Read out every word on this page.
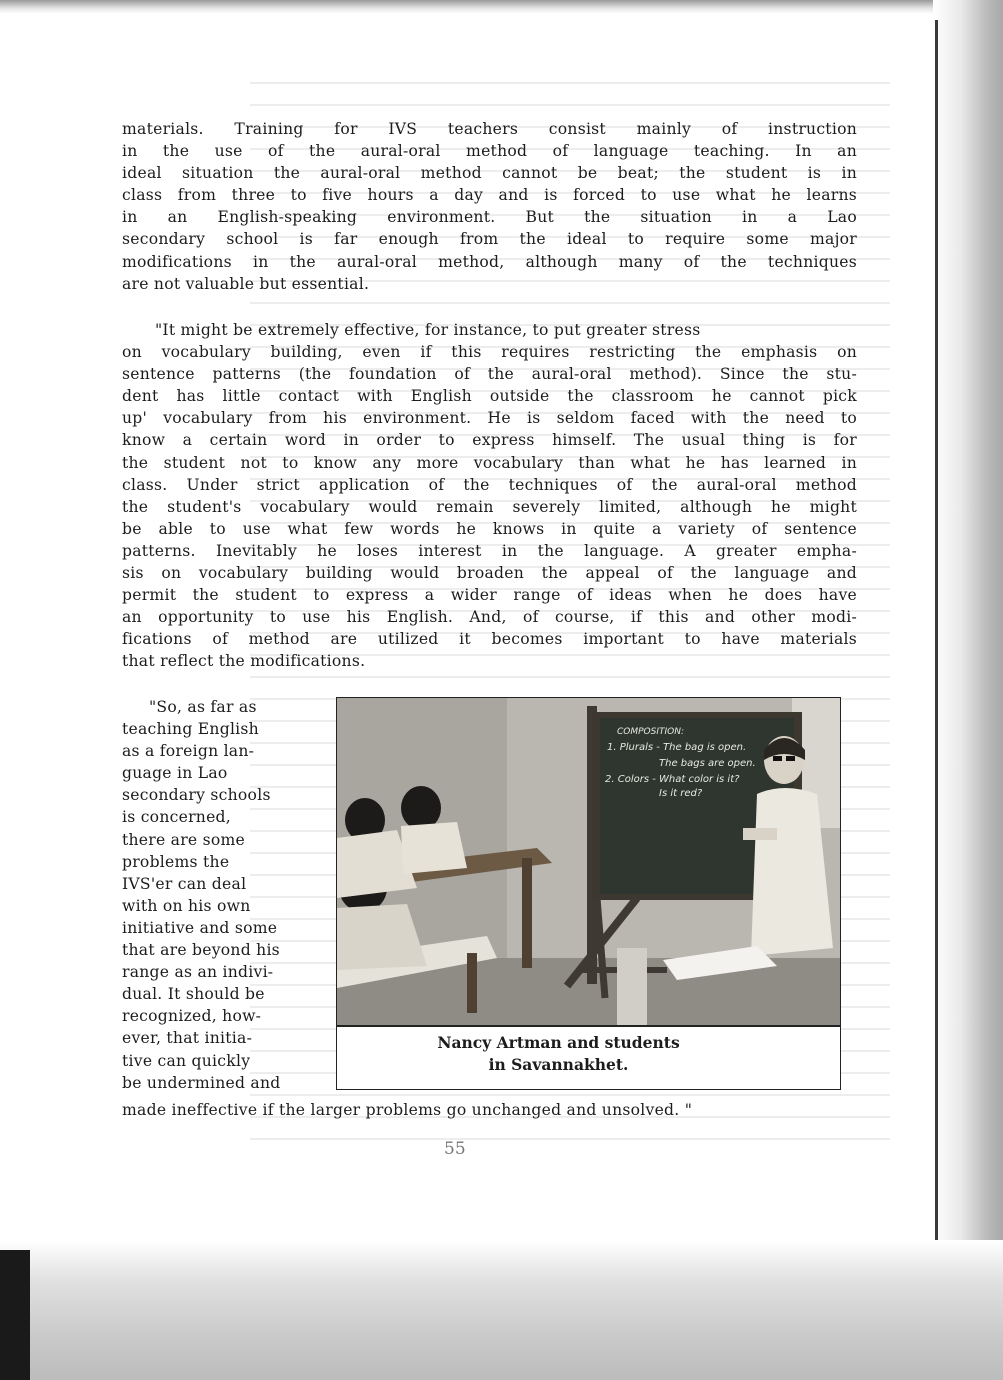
materials. Training for IVS teachers consist mainly of instruction
in the use of the aural-oral method of language teaching. In an
ideal situation the aural-oral method cannot be beat; the student is in
class from three to five hours a day and is forced to use what he learns
in an English-speaking environment. But the situation in a Lao
secondary school is far enough from the ideal to require some major
modifications in the aural-oral method, although many of the techniques
are not valuable but essential.
"It might be extremely effective, for instance, to put greater stress
on vocabulary building, even if this requires restricting the emphasis on
sentence patterns (the foundation of the aural-oral method). Since the stu-
dent has little contact with English outside the classroom he cannot pick
up' vocabulary from his environment. He is seldom faced with the need to
know a certain word in order to express himself. The usual thing is for
the student not to know any more vocabulary than what he has learned in
class. Under strict application of the techniques of the aural-oral method
the student's vocabulary would remain severely limited, although he might
be able to use what few words he knows in quite a variety of sentence
patterns. Inevitably he loses interest in the language. A greater empha-
sis on vocabulary building would broaden the appeal of the language and
permit the student to express a wider range of ideas when he does have
an opportunity to use his English. And, of course, if this and other modi-
fications of method are utilized it becomes important to have materials
that reflect the modifications.
"So, as far as
teaching English
as a foreign lan-
guage in Lao
secondary schools
is concerned,
there are some
problems the
IVS'er can deal
with on his own
initiative and some
that are beyond his
range as an indivi-
dual. It should be
recognized, how-
ever, that initia-
tive can quickly
be undermined and
COMPOSITION:
1. Plurals - The bag is open.
The bags are open.
2. Colors - What color is it?
Is it red?
Nancy Artman and students
in Savannakhet.
made ineffective if the larger problems go unchanged and unsolved. "
55
